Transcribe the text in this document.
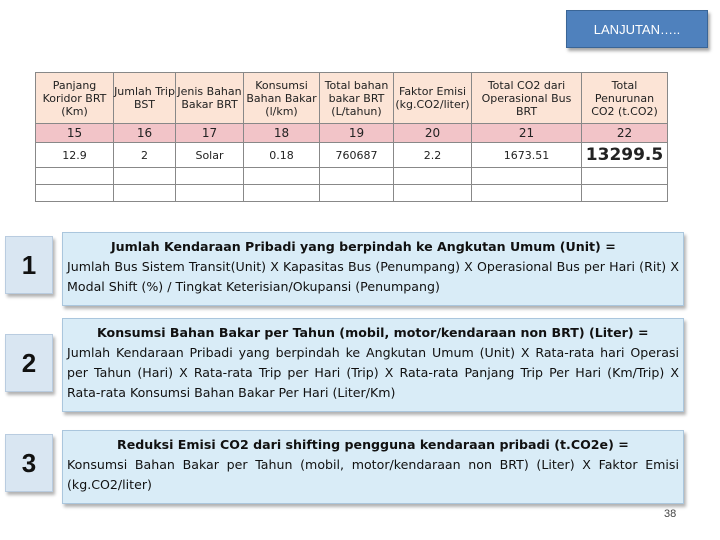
LANJUTAN…..
Panjang Koridor BRT (Km)	Jumlah Trip BST	Jenis Bahan Bakar BRT	Konsumsi Bahan Bakar (l/km)	Total bahan bakar BRT (L/tahun)	Faktor Emisi (kg.CO2/liter)	Total CO2 dari Operasional Bus BRT	Total Penurunan CO2 (t.CO2)
15	16	17	18	19	20	21	22
12.9	2	Solar	0.18	760687	2.2	1673.51	13299.5

1
Jumlah Kendaraan Pribadi yang berpindah ke Angkutan Umum (Unit) =
Jumlah Bus Sistem Transit(Unit) X Kapasitas Bus (Penumpang) X Operasional Bus per Hari (Rit) X Modal Shift (%) / Tingkat Keterisian/Okupansi (Penumpang)
2
Konsumsi Bahan Bakar per Tahun (mobil, motor/kendaraan non BRT) (Liter) =
Jumlah Kendaraan Pribadi yang berpindah ke Angkutan Umum (Unit) X Rata-rata hari Operasi per Tahun (Hari) X Rata-rata Trip per Hari (Trip) X Rata-rata Panjang Trip Per Hari (Km/Trip) X Rata-rata Konsumsi Bahan Bakar Per Hari (Liter/Km)
3
Reduksi Emisi CO2 dari shifting pengguna kendaraan pribadi (t.CO2e) =
Konsumsi Bahan Bakar per Tahun (mobil, motor/kendaraan non BRT) (Liter) X Faktor Emisi (kg.CO2/liter)
38
